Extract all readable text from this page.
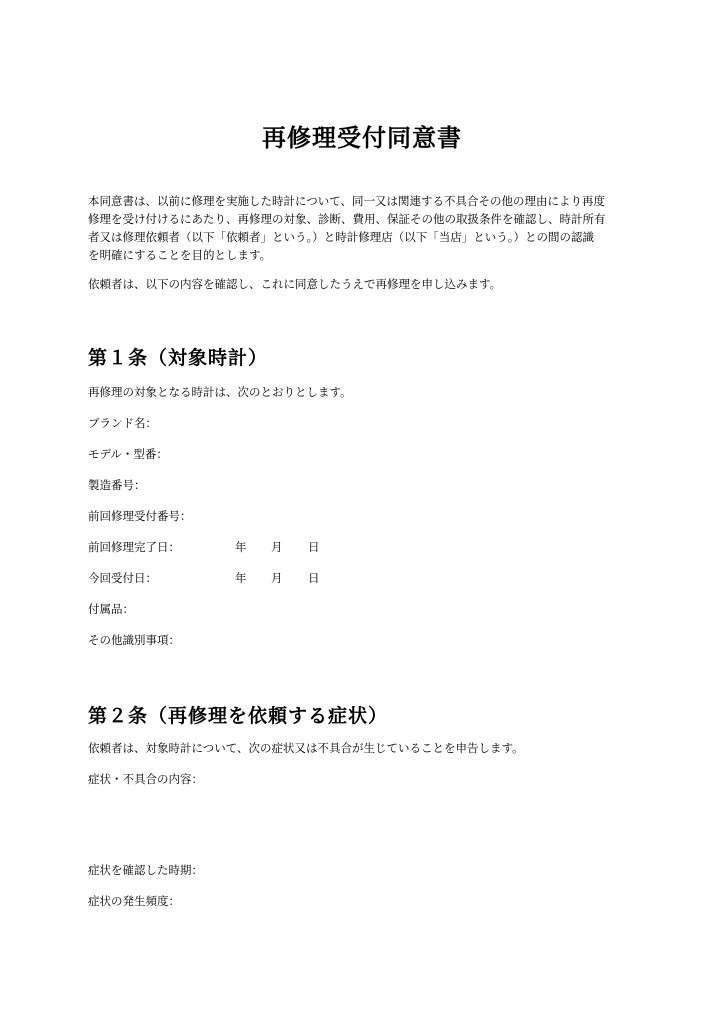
再修理受付同意書
本同意書は、以前に修理を実施した時計について、同一又は関連する不具合その他の理由により再度
修理を受け付けるにあたり、再修理の対象、診断、費用、保証その他の取扱条件を確認し、時計所有
者又は修理依頼者（以下「依頼者」という。）と時計修理店（以下「当店」という。）との間の認識
を明確にすることを目的とします。
依頼者は、以下の内容を確認し、これに同意したうえで再修理を申し込みます。
第１条（対象時計）
再修理の対象となる時計は、次のとおりとします。
ブランド名：
モデル・型番：
製造番号：
前回修理受付番号：
前回修理完了日：	年 月 日
今回受付日：	年 月 日
付属品：
その他識別事項：
第２条（再修理を依頼する症状）
依頼者は、対象時計について、次の症状又は不具合が生じていることを申告します。
症状・不具合の内容：
症状を確認した時期：
症状の発生頻度：
